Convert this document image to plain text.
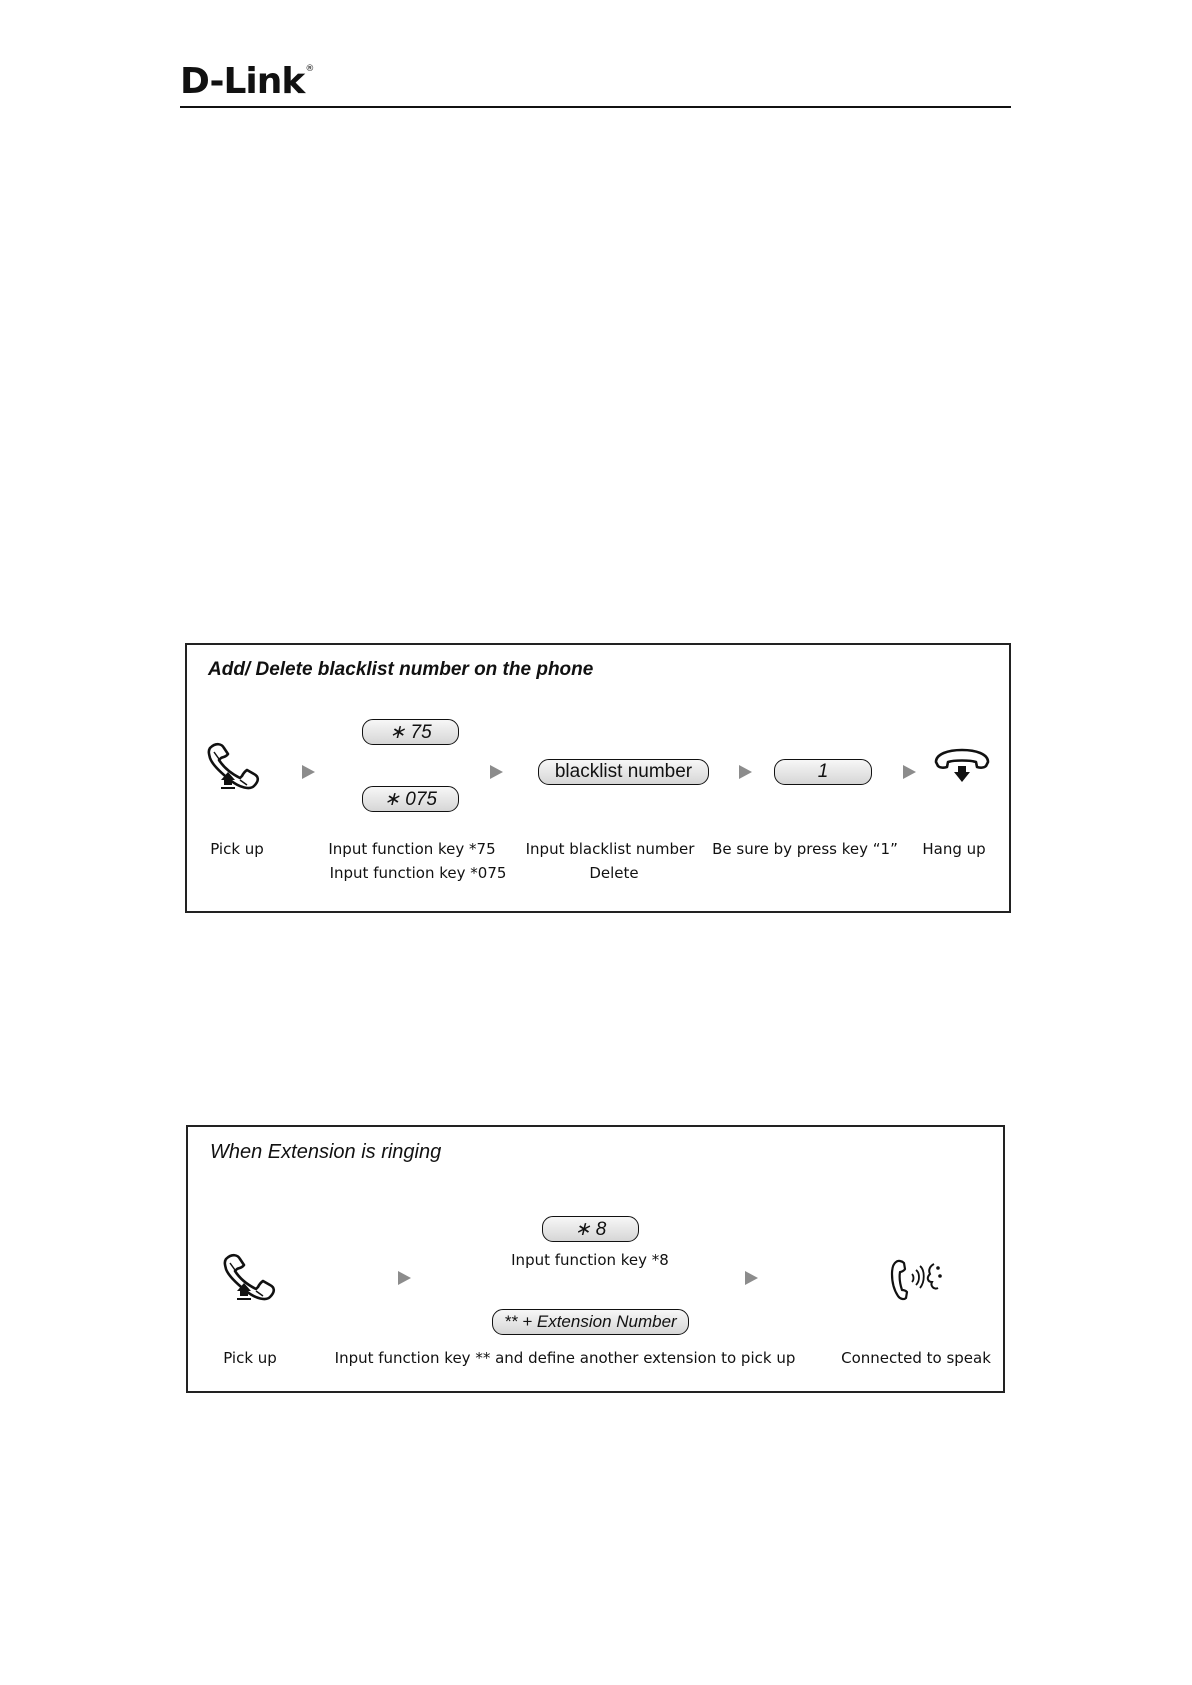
D-Link®
Add/ Delete blacklist number on the phone
∗ 75
∗ 075
blacklist number	1
Pick up	Input function key *75
Input function key *075
Input blacklist number
Delete
Be sure by press key “1” Hang up
When Extension is ringing
∗ 8
Input function key *8
** + Extension Number
Pick up	Input function key ** and define another extension to pick up	Connected to speak
